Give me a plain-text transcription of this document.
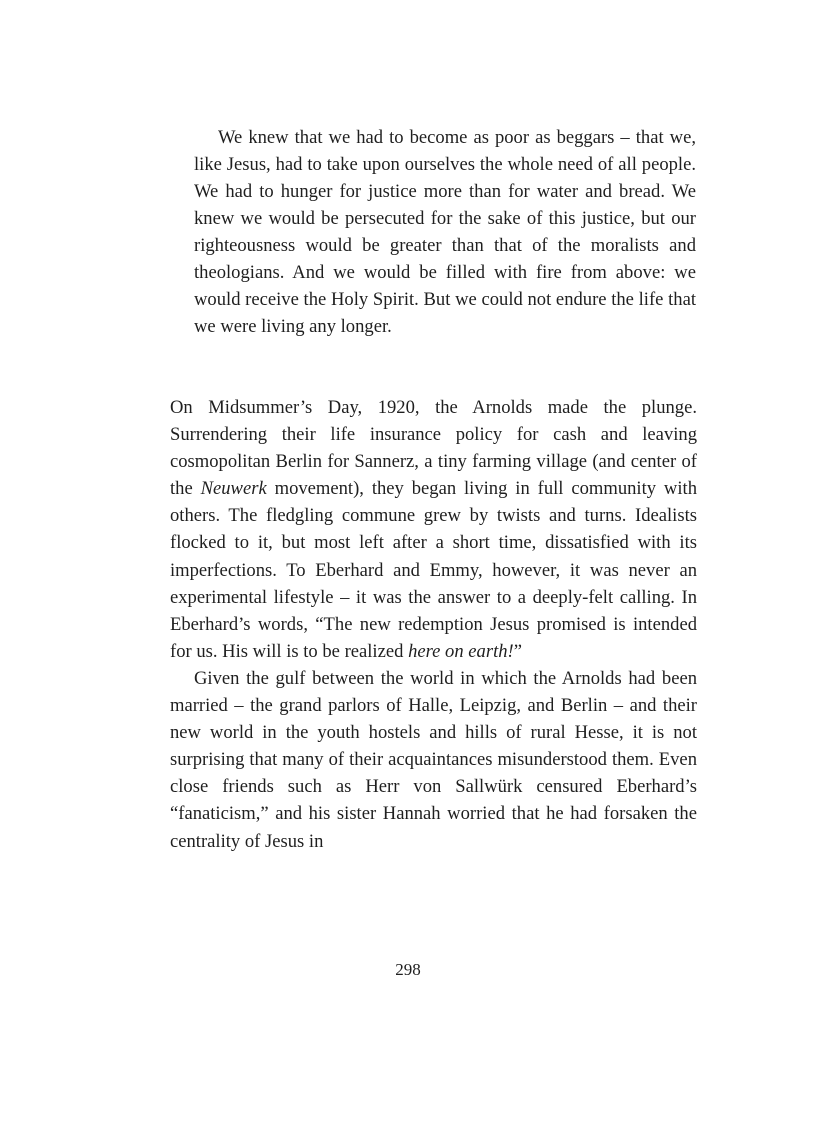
We knew that we had to become as poor as beggars – that we, like Jesus, had to take upon ourselves the whole need of all people. We had to hunger for justice more than for water and bread. We knew we would be persecuted for the sake of this justice, but our righteousness would be greater than that of the moralists and theologians. And we would be filled with fire from above: we would receive the Holy Spirit. But we could not endure the life that we were living any longer.

On Midsummer’s Day, 1920, the Arnolds made the plunge. Surrendering their life insurance policy for cash and leaving cosmopolitan Berlin for Sannerz, a tiny farming village (and center of the Neuwerk movement), they began living in full community with others. The fledgling commune grew by twists and turns. Idealists flocked to it, but most left after a short time, dissatisfied with its imperfections. To Eberhard and Emmy, however, it was never an experimental lifestyle – it was the answer to a deeply-felt calling. In Eberhard’s words, “The new redemption Jesus promised is intended for us. His will is to be realized here on earth!”

Given the gulf between the world in which the Arnolds had been married – the grand parlors of Halle, Leipzig, and Berlin – and their new world in the youth hostels and hills of rural Hesse, it is not surprising that many of their acquaintances misunderstood them. Even close friends such as Herr von Sallwürk censured Eberhard’s “fanaticism,” and his sister Hannah worried that he had forsaken the centrality of Jesus in

298
